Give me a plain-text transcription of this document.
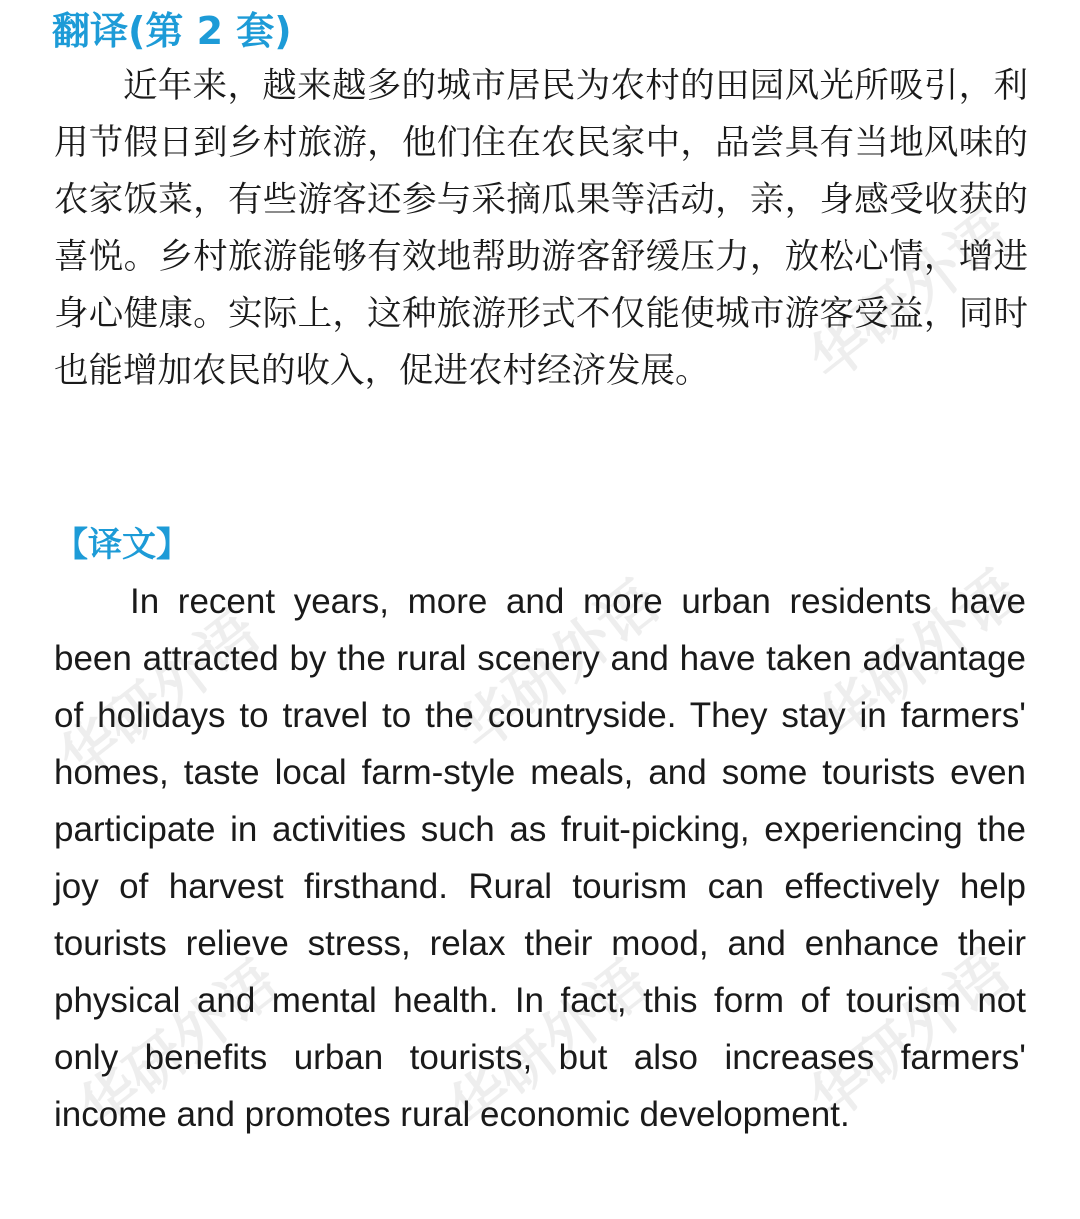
华研外语
华研外语	华研外语 华研外语
华研外语	华研外语 华研外语
翻译(第 2 套)

近年来，越来越多的城市居民为农村的田园风光所吸引，利用节假日到乡村旅游，他们住在农民家中，品尝具有当地风味的农家饭菜，有些游客还参与采摘瓜果等活动，亲，身感受收获的喜悦。乡村旅游能够有效地帮助游客舒缓压力，放松心情，增进身心健康。实际上，这种旅游形式不仅能使城市游客受益，同时也能增加农民的收入，促进农村经济发展。

【译文】

In recent years, more and more urban residents have been attracted by the rural scenery and have taken advantage of holidays to travel to the countryside. They stay in farmers' homes, taste local farm-style meals, and some tourists even participate in activities such as fruit-picking, experiencing the joy of harvest firsthand. Rural tourism can effectively help tourists relieve stress, relax their mood, and enhance their physical and mental health. In fact, this form of tourism not only benefits urban tourists, but also increases farmers' income and promotes rural economic development.
